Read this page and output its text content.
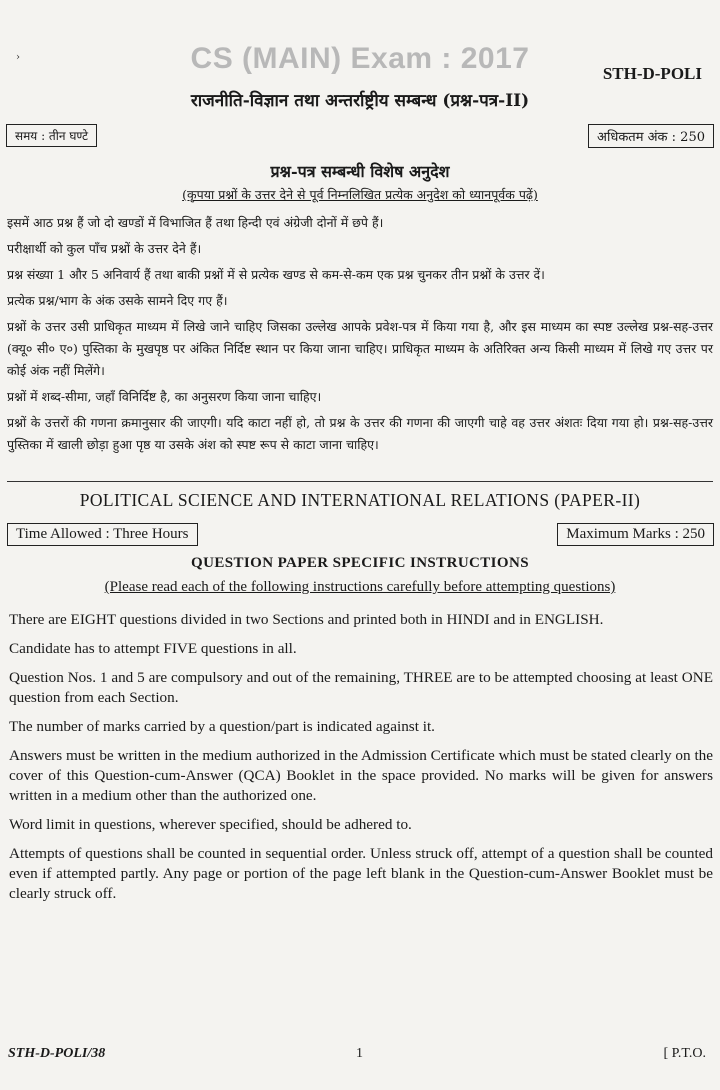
›	CS (MAIN) Exam : 2017	STH-D-POLI
राजनीति-विज्ञान तथा अन्तर्राष्ट्रीय सम्बन्ध (प्रश्न-पत्र-II)
समय : तीन घण्टे	अधिकतम अंक : 250
प्रश्न-पत्र सम्बन्धी विशेष अनुदेश
(कृपया प्रश्नों के उत्तर देने से पूर्व निम्नलिखित प्रत्येक अनुदेश को ध्यानपूर्वक पढ़ें)

इसमें आठ प्रश्न हैं जो दो खण्डों में विभाजित हैं तथा हिन्दी एवं अंग्रेजी दोनों में छपे हैं।

परीक्षार्थी को कुल पाँच प्रश्नों के उत्तर देने हैं।

प्रश्न संख्या 1 और 5 अनिवार्य हैं तथा बाकी प्रश्नों में से प्रत्येक खण्ड से कम-से-कम एक प्रश्न चुनकर तीन प्रश्नों के उत्तर दें।

प्रत्येक प्रश्न/भाग के अंक उसके सामने दिए गए हैं।

प्रश्नों के उत्तर उसी प्राधिकृत माध्यम में लिखे जाने चाहिए जिसका उल्लेख आपके प्रवेश-पत्र में किया गया है, और इस माध्यम का स्पष्ट उल्लेख प्रश्न-सह-उत्तर (क्यू० सी० ए०) पुस्तिका के मुखपृष्ठ पर अंकित निर्दिष्ट स्थान पर किया जाना चाहिए। प्राधिकृत माध्यम के अतिरिक्त अन्य किसी माध्यम में लिखे गए उत्तर पर कोई अंक नहीं मिलेंगे।

प्रश्नों में शब्द-सीमा, जहाँ विनिर्दिष्ट है, का अनुसरण किया जाना चाहिए।

प्रश्नों के उत्तरों की गणना क्रमानुसार की जाएगी। यदि काटा नहीं हो, तो प्रश्न के उत्तर की गणना की जाएगी चाहे वह उत्तर अंशतः दिया गया हो। प्रश्न-सह-उत्तर पुस्तिका में खाली छोड़ा हुआ पृष्ठ या उसके अंश को स्पष्ट रूप से काटा जाना चाहिए।

POLITICAL SCIENCE AND INTERNATIONAL RELATIONS (PAPER-II)
Time Allowed : Three Hours	Maximum Marks : 250
QUESTION PAPER SPECIFIC INSTRUCTIONS
(Please read each of the following instructions carefully before attempting questions)

There are EIGHT questions divided in two Sections and printed both in HINDI and in ENGLISH.

Candidate has to attempt FIVE questions in all.

Question Nos. 1 and 5 are compulsory and out of the remaining, THREE are to be attempted choosing at least ONE question from each Section.

The number of marks carried by a question/part is indicated against it.

Answers must be written in the medium authorized in the Admission Certificate which must be stated clearly on the cover of this Question-cum-Answer (QCA) Booklet in the space provided. No marks will be given for answers written in a medium other than the authorized one.

Word limit in questions, wherever specified, should be adhered to.

Attempts of questions shall be counted in sequential order. Unless struck off, attempt of a question shall be counted even if attempted partly. Any page or portion of the page left blank in the Question-cum-Answer Booklet must be clearly struck off.

STH-D-POLI/38	1	[ P.T.O.
